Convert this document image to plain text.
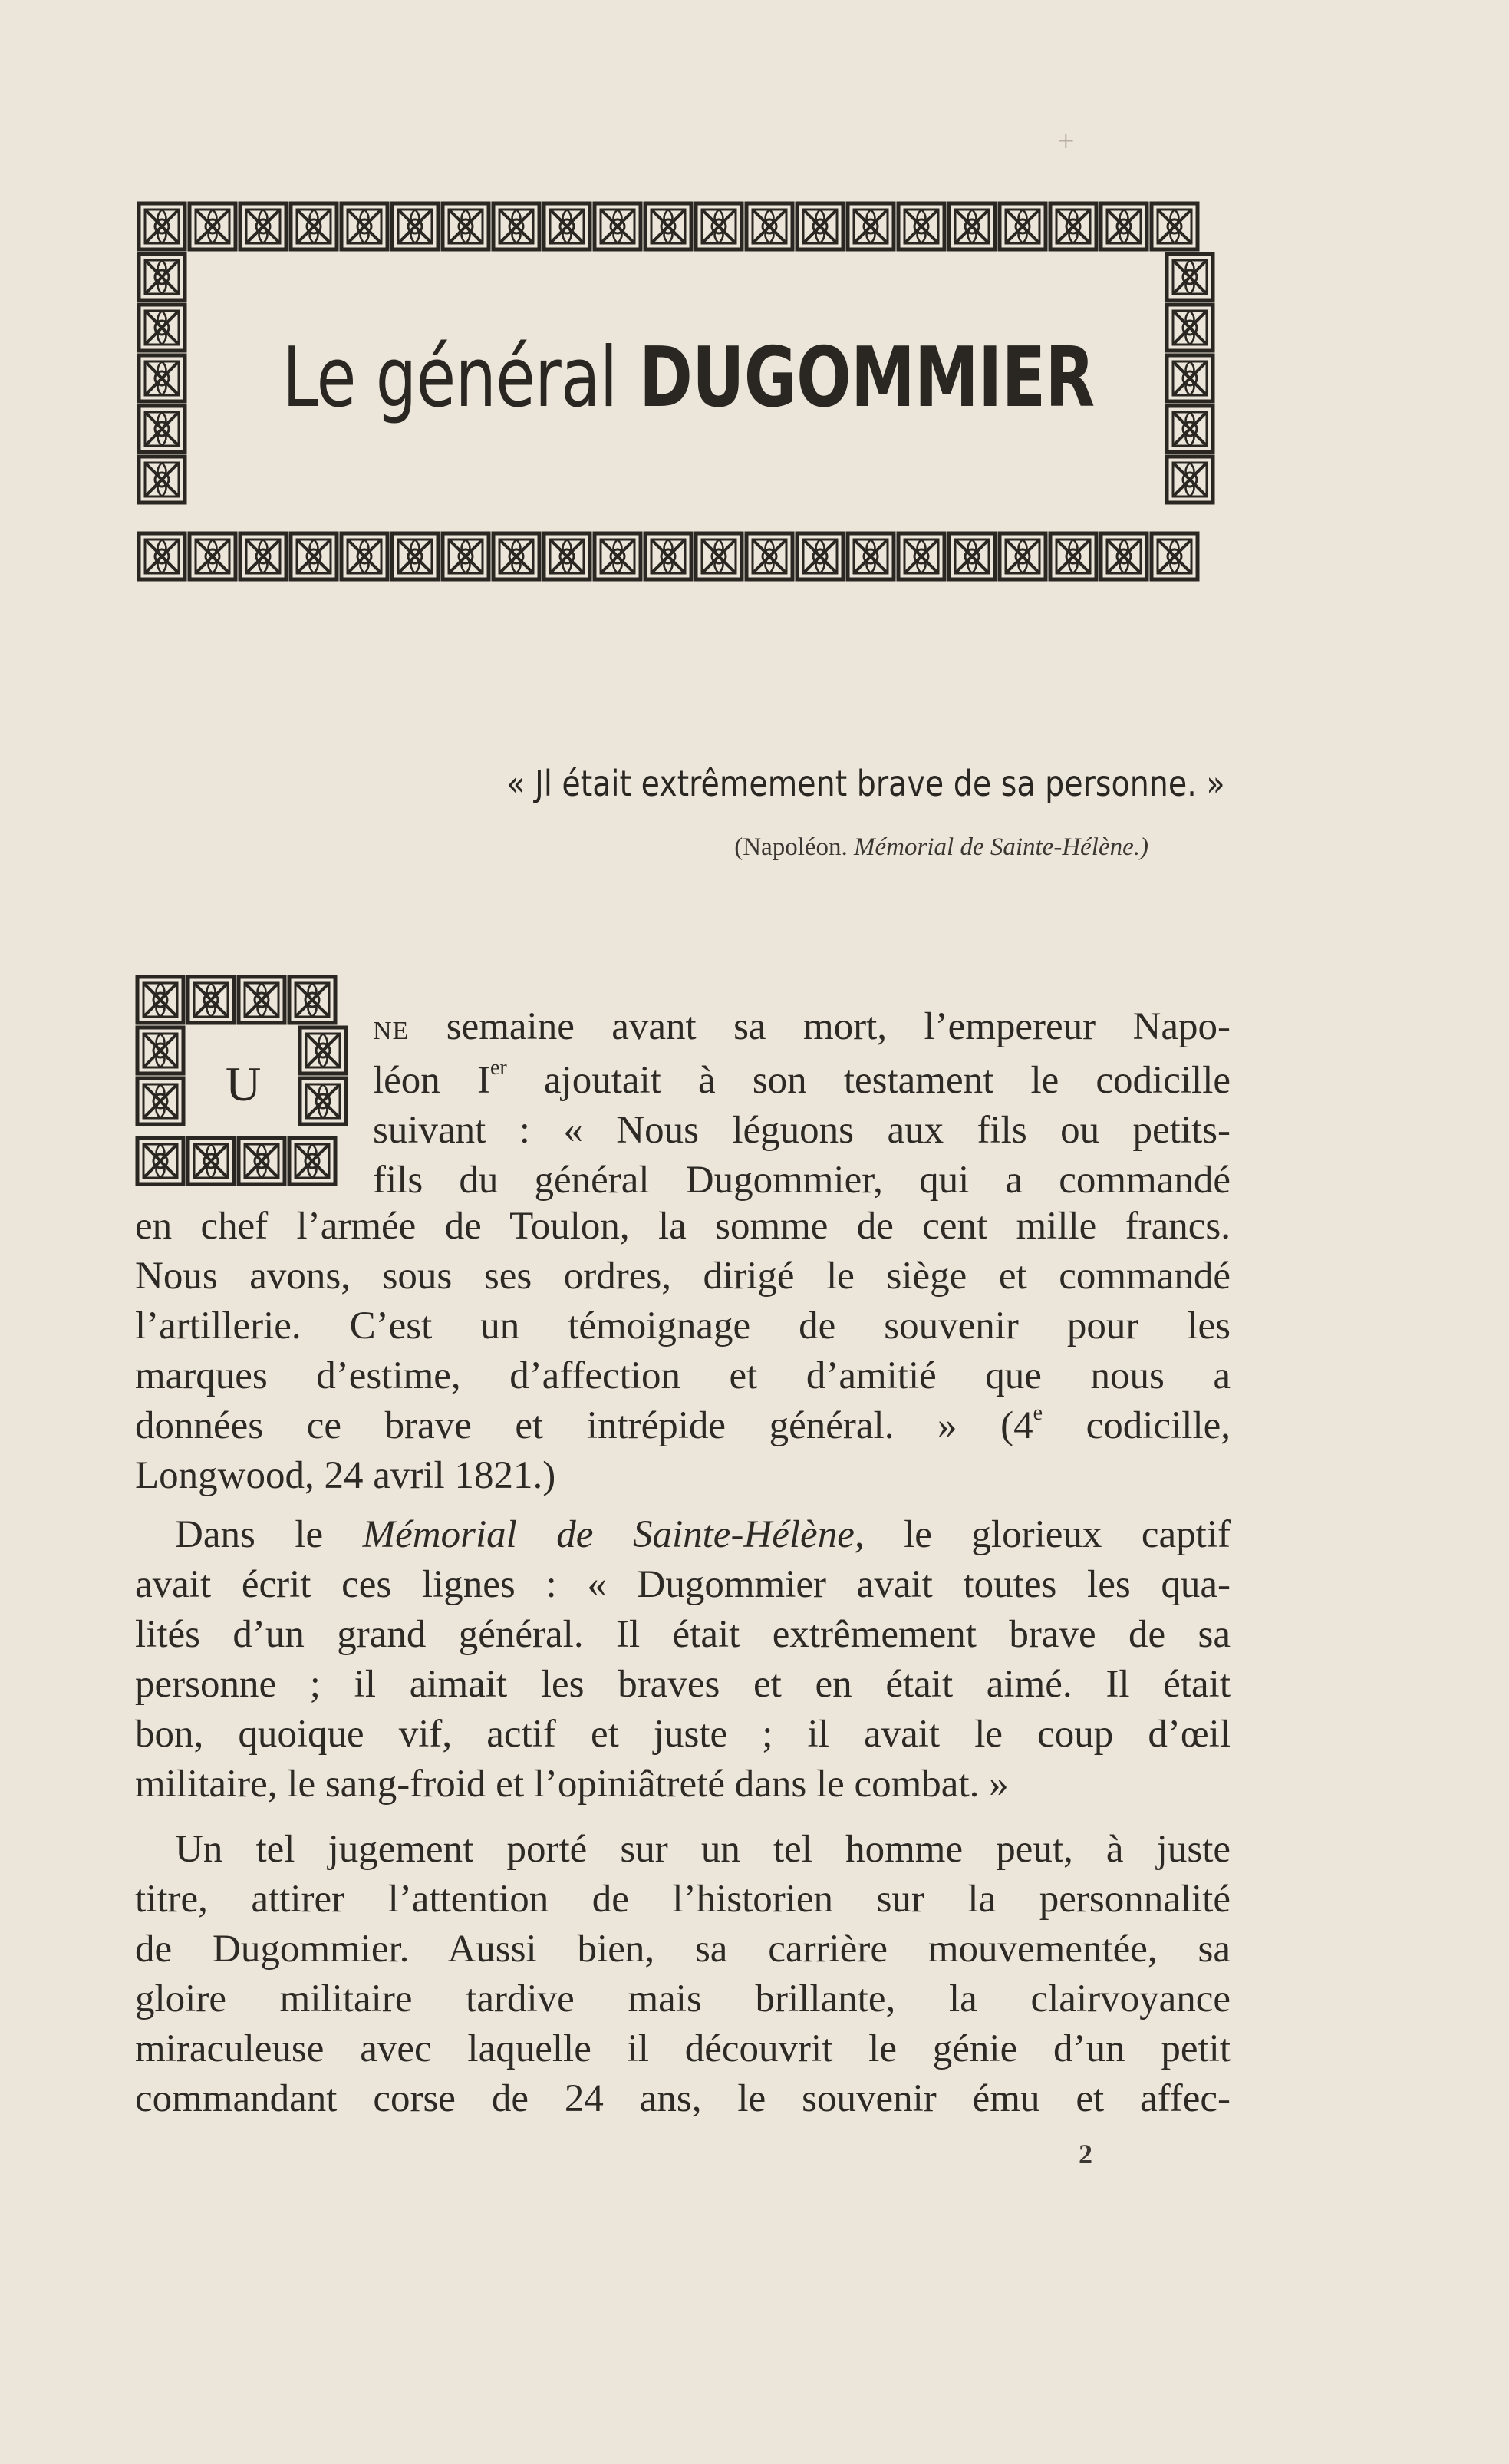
+
Le général DUGOMMIER
« Jl était extrêmement brave de sa personne. »
(Napoléon. Mémorial de Sainte-Hélène.)
U
NE semaine avant sa mort, l’empereur Napo-
léon Ier ajoutait à son testament le codicille
suivant : « Nous léguons aux fils ou petits-
fils du général Dugommier, qui a commandé
en chef l’armée de Toulon, la somme de cent mille francs.
Nous avons, sous ses ordres, dirigé le siège et commandé
l’artillerie. C’est un témoignage de souvenir pour les
marques d’estime, d’affection et d’amitié que nous a
données ce brave et intrépide général. » (4e codicille,
Longwood, 24 avril 1821.)
Dans le Mémorial de Sainte-Hélène, le glorieux captif
avait écrit ces lignes : « Dugommier avait toutes les qua-
lités d’un grand général. Il était extrêmement brave de sa
personne ; il aimait les braves et en était aimé. Il était
bon, quoique vif, actif et juste ; il avait le coup d’œil
militaire, le sang-froid et l’opiniâtreté dans le combat. »
Un tel jugement porté sur un tel homme peut, à juste
titre, attirer l’attention de l’historien sur la personnalité
de Dugommier. Aussi bien, sa carrière mouvementée, sa
gloire militaire tardive mais brillante, la clairvoyance
miraculeuse avec laquelle il découvrit le génie d’un petit
commandant corse de 24 ans, le souvenir ému et affec-
2
